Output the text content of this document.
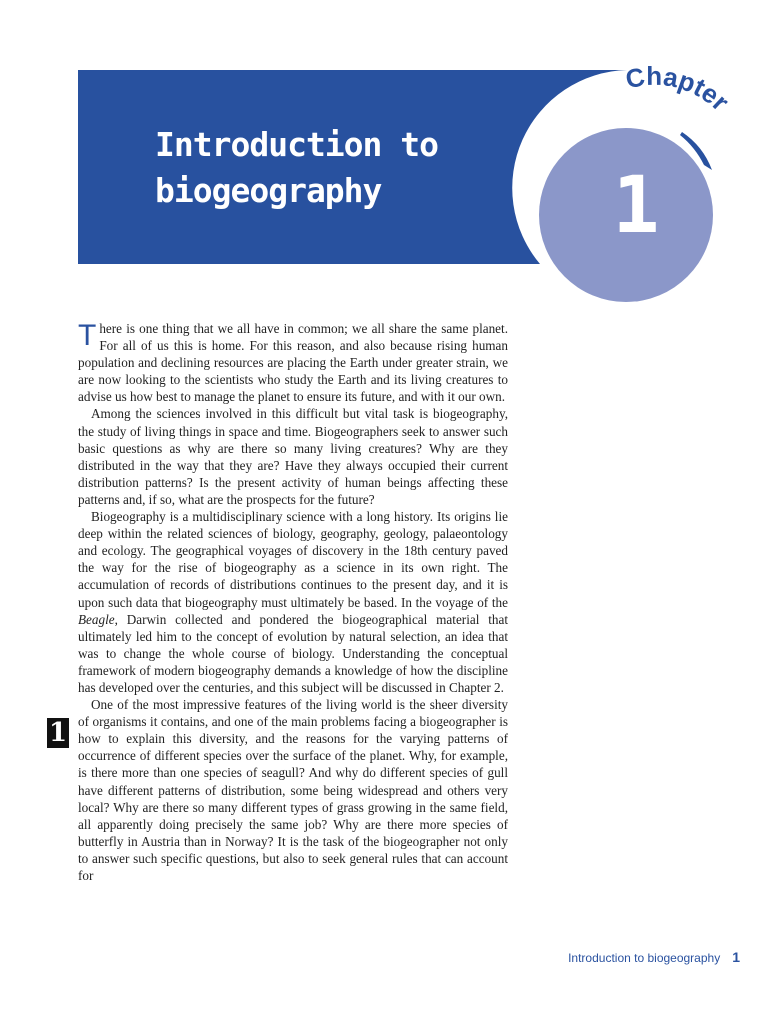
Chapter
1
Introduction to
biogeography

There is one thing that we all have in common; we all share the same planet. For all of us this is home. For this reason, and also because rising human population and declining resources are placing the Earth under greater strain, we are now looking to the scientists who study the Earth and its living creatures to advise us how best to manage the planet to ensure its future, and with it our own.

Among the sciences involved in this difficult but vital task is biogeography, the study of living things in space and time. Biogeographers seek to answer such basic questions as why are there so many living creatures? Why are they distributed in the way that they are? Have they always occupied their current distribution patterns? Is the present activity of human beings affecting these patterns and, if so, what are the prospects for the future?

Biogeography is a multidisciplinary science with a long history. Its origins lie deep within the related sciences of biology, geography, geology, palaeontology and ecology. The geographical voyages of discovery in the 18th century paved the way for the rise of biogeography as a science in its own right. The accumulation of records of distributions continues to the present day, and it is upon such data that biogeography must ultimately be based. In the voyage of the Beagle, Darwin collected and pondered the biogeographical material that ultimately led him to the concept of evolution by natural selection, an idea that was to change the whole course of biology. Understanding the conceptual framework of modern biogeography demands a knowledge of how the discipline has developed over the centuries, and this subject will be discussed in Chapter 2.

One of the most impressive features of the living world is the sheer diversity of organisms it contains, and one of the main problems facing a biogeographer is how to explain this diversity, and the reasons for the varying patterns of occurrence of different species over the surface of the planet. Why, for example, is there more than one species of seagull? And why do different species of gull have different patterns of distribution, some being widespread and others very local? Why are there so many different types of grass growing in the same field, all apparently doing precisely the same job? Why are there more species of butterfly in Austria than in Norway? It is the task of the biogeographer not only to answer such specific questions, but also to seek general rules that can account for

1
Introduction to biogeography 1
